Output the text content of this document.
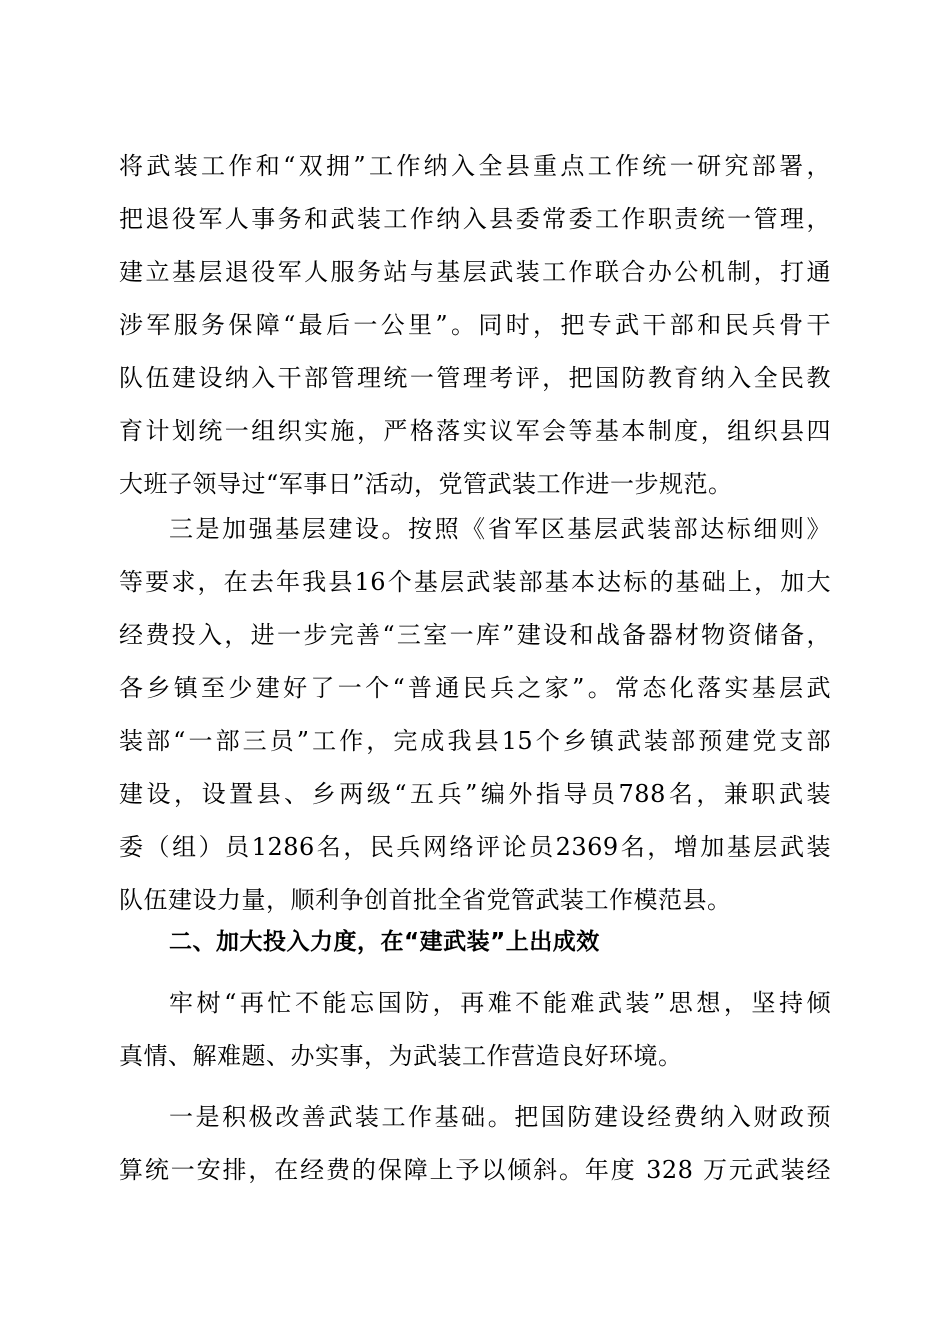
将武装工作和“双拥”工作纳入全县重点工作统一研究部署，
把退役军人事务和武装工作纳入县委常委工作职责统一管理，
建立基层退役军人服务站与基层武装工作联合办公机制，打通
涉军服务保障“最后一公里”。同时，把专武干部和民兵骨干
队伍建设纳入干部管理统一管理考评，把国防教育纳入全民教
育计划统一组织实施，严格落实议军会等基本制度，组织县四
大班子领导过“军事日”活动，党管武装工作进一步规范。
三是加强基层建设。按照《省军区基层武装部达标细则》
等要求，在去年我县16个基层武装部基本达标的基础上，加大
经费投入，进一步完善“三室一库”建设和战备器材物资储备，
各乡镇至少建好了一个“普通民兵之家”。常态化落实基层武
装部“一部三员”工作，完成我县15个乡镇武装部预建党支部
建设，设置县、乡两级“五兵”编外指导员788名，兼职武装
委（组）员1286名，民兵网络评论员2369名，增加基层武装
队伍建设力量，顺利争创首批全省党管武装工作模范县。
二、加大投入力度，在“建武装”上出成效
牢树“再忙不能忘国防，再难不能难武装”思想，坚持倾
真情、解难题、办实事，为武装工作营造良好环境。
一是积极改善武装工作基础。把国防建设经费纳入财政预
算统一安排，在经费的保障上予以倾斜。年度 328 万元武装经
